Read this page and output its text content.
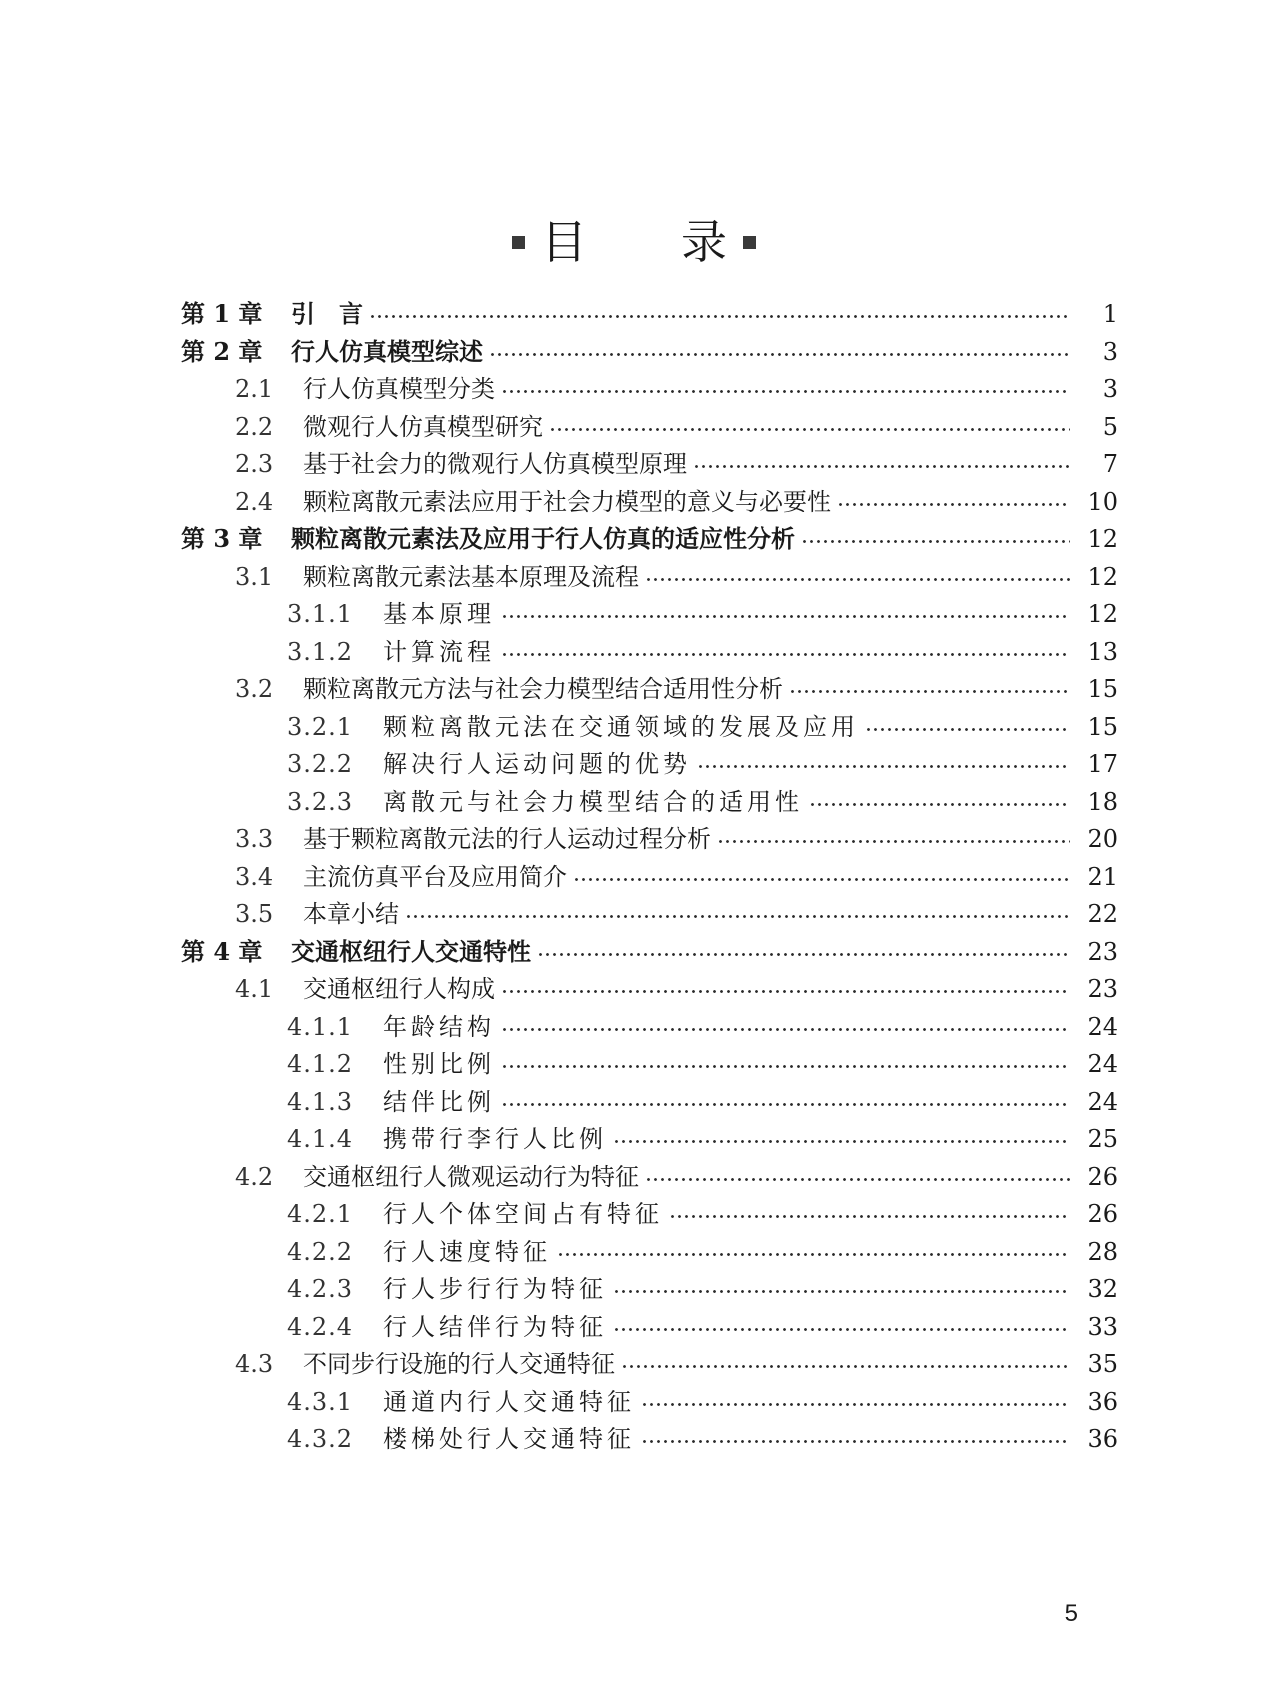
目 录
第 1 章	引　言	1
第 2 章	行人仿真模型综述	3
2.1	行人仿真模型分类	3
2.2	微观行人仿真模型研究	5
2.3	基于社会力的微观行人仿真模型原理	7
2.4	颗粒离散元素法应用于社会力模型的意义与必要性	10
第 3 章	颗粒离散元素法及应用于行人仿真的适应性分析	12
3.1	颗粒离散元素法基本原理及流程	12
3.1.1	基本原理	12
3.1.2	计算流程	13
3.2	颗粒离散元方法与社会力模型结合适用性分析	15
3.2.1	颗粒离散元法在交通领域的发展及应用	15
3.2.2	解决行人运动问题的优势	17
3.2.3	离散元与社会力模型结合的适用性	18
3.3	基于颗粒离散元法的行人运动过程分析	20
3.4	主流仿真平台及应用简介	21
3.5	本章小结	22
第 4 章	交通枢纽行人交通特性	23
4.1	交通枢纽行人构成	23
4.1.1	年龄结构	24
4.1.2	性别比例	24
4.1.3	结伴比例	24
4.1.4	携带行李行人比例	25
4.2	交通枢纽行人微观运动行为特征	26
4.2.1	行人个体空间占有特征	26
4.2.2	行人速度特征	28
4.2.3	行人步行行为特征	32
4.2.4	行人结伴行为特征	33
4.3	不同步行设施的行人交通特征	35
4.3.1	通道内行人交通特征	36
4.3.2	楼梯处行人交通特征	36
5
